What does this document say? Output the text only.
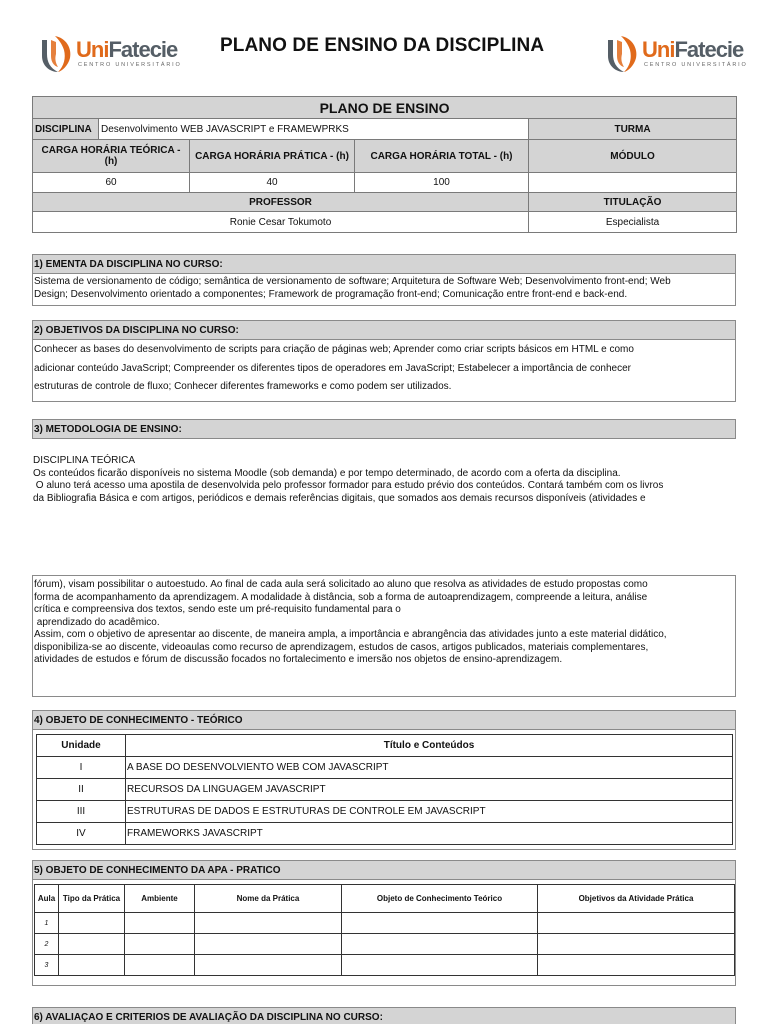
UniFatecie
CENTRO UNIVERSITÁRIO
PLANO DE ENSINO DA DISCIPLINA	UniFatecie
CENTRO UNIVERSITÁRIO
PLANO DE ENSINO				
DISCIPLINA	Desenvolvimento WEB JAVASCRIPT e FRAMEWPRKS			TURMA
CARGA HORÁRIA TEÓRICA - (h)		CARGA HORÁRIA PRÁTICA - (h)	CARGA HORÁRIA TOTAL - (h)	MÓDULO
60		40	100	
PROFESSOR				TITULAÇÃO
Ronie Cesar Tokumoto				Especialista
1) EMENTA DA DISCIPLINA NO CURSO:
Sistema de versionamento de código; semântica de versionamento de software; Arquitetura de Software Web; Desenvolvimento front-end; Web
Design; Desenvolvimento orientado a componentes; Framework de programação front-end; Comunicação entre front-end e back-end.
2) OBJETIVOS DA DISCIPLINA NO CURSO:
Conhecer as bases do desenvolvimento de scripts para criação de páginas web; Aprender como criar scripts básicos em HTML e como
adicionar conteúdo JavaScript; Compreender os diferentes tipos de operadores em JavaScript; Estabelecer a importância de conhecer
estruturas de controle de fluxo; Conhecer diferentes frameworks e como podem ser utilizados.
3) METODOLOGIA DE ENSINO:
DISCIPLINA TEÓRICA
Os conteúdos ficarão disponíveis no sistema Moodle (sob demanda) e por tempo determinado, de acordo com a oferta da disciplina.
O aluno terá acesso uma apostila de desenvolvida pelo professor formador para estudo prévio dos conteúdos. Contará também com os livros
da Bibliografia Básica e com artigos, periódicos e demais referências digitais, que somados aos demais recursos disponíveis (atividades e
fórum), visam possibilitar o autoestudo. Ao final de cada aula será solicitado ao aluno que resolva as atividades de estudo propostas como
forma de acompanhamento da aprendizagem. A modalidade à distância, sob a forma de autoaprendizagem, compreende a leitura, análise
crítica e compreensiva dos textos, sendo este um pré-requisito fundamental para o
aprendizado do acadêmico.
Assim, com o objetivo de apresentar ao discente, de maneira ampla, a importância e abrangência das atividades junto a este material didático,
disponibiliza-se ao discente, videoaulas como recurso de aprendizagem, estudos de casos, artigos publicados, materiais complementares,
atividades de estudos e fórum de discussão focados no fortalecimento e imersão nos objetos de ensino-aprendizagem.
4) OBJETO DE CONHECIMENTO - TEÓRICO
Unidade	Título e Conteúdos
I	A BASE DO DESENVOLVIENTO WEB COM JAVASCRIPT
II	RECURSOS DA LINGUAGEM JAVASCRIPT
III	ESTRUTURAS DE DADOS E ESTRUTURAS DE CONTROLE EM JAVASCRIPT
IV	FRAMEWORKS JAVASCRIPT
5) OBJETO DE CONHECIMENTO DA APA - PRATICO
Aula	Tipo da Prática	Ambiente	Nome da Prática	Objeto de Conhecimento Teórico	Objetivos da Atividade Prática
1					
2					
3					
6) AVALIAÇAO E CRITERIOS DE AVALIAÇÃO DA DISCIPLINA NO CURSO:
